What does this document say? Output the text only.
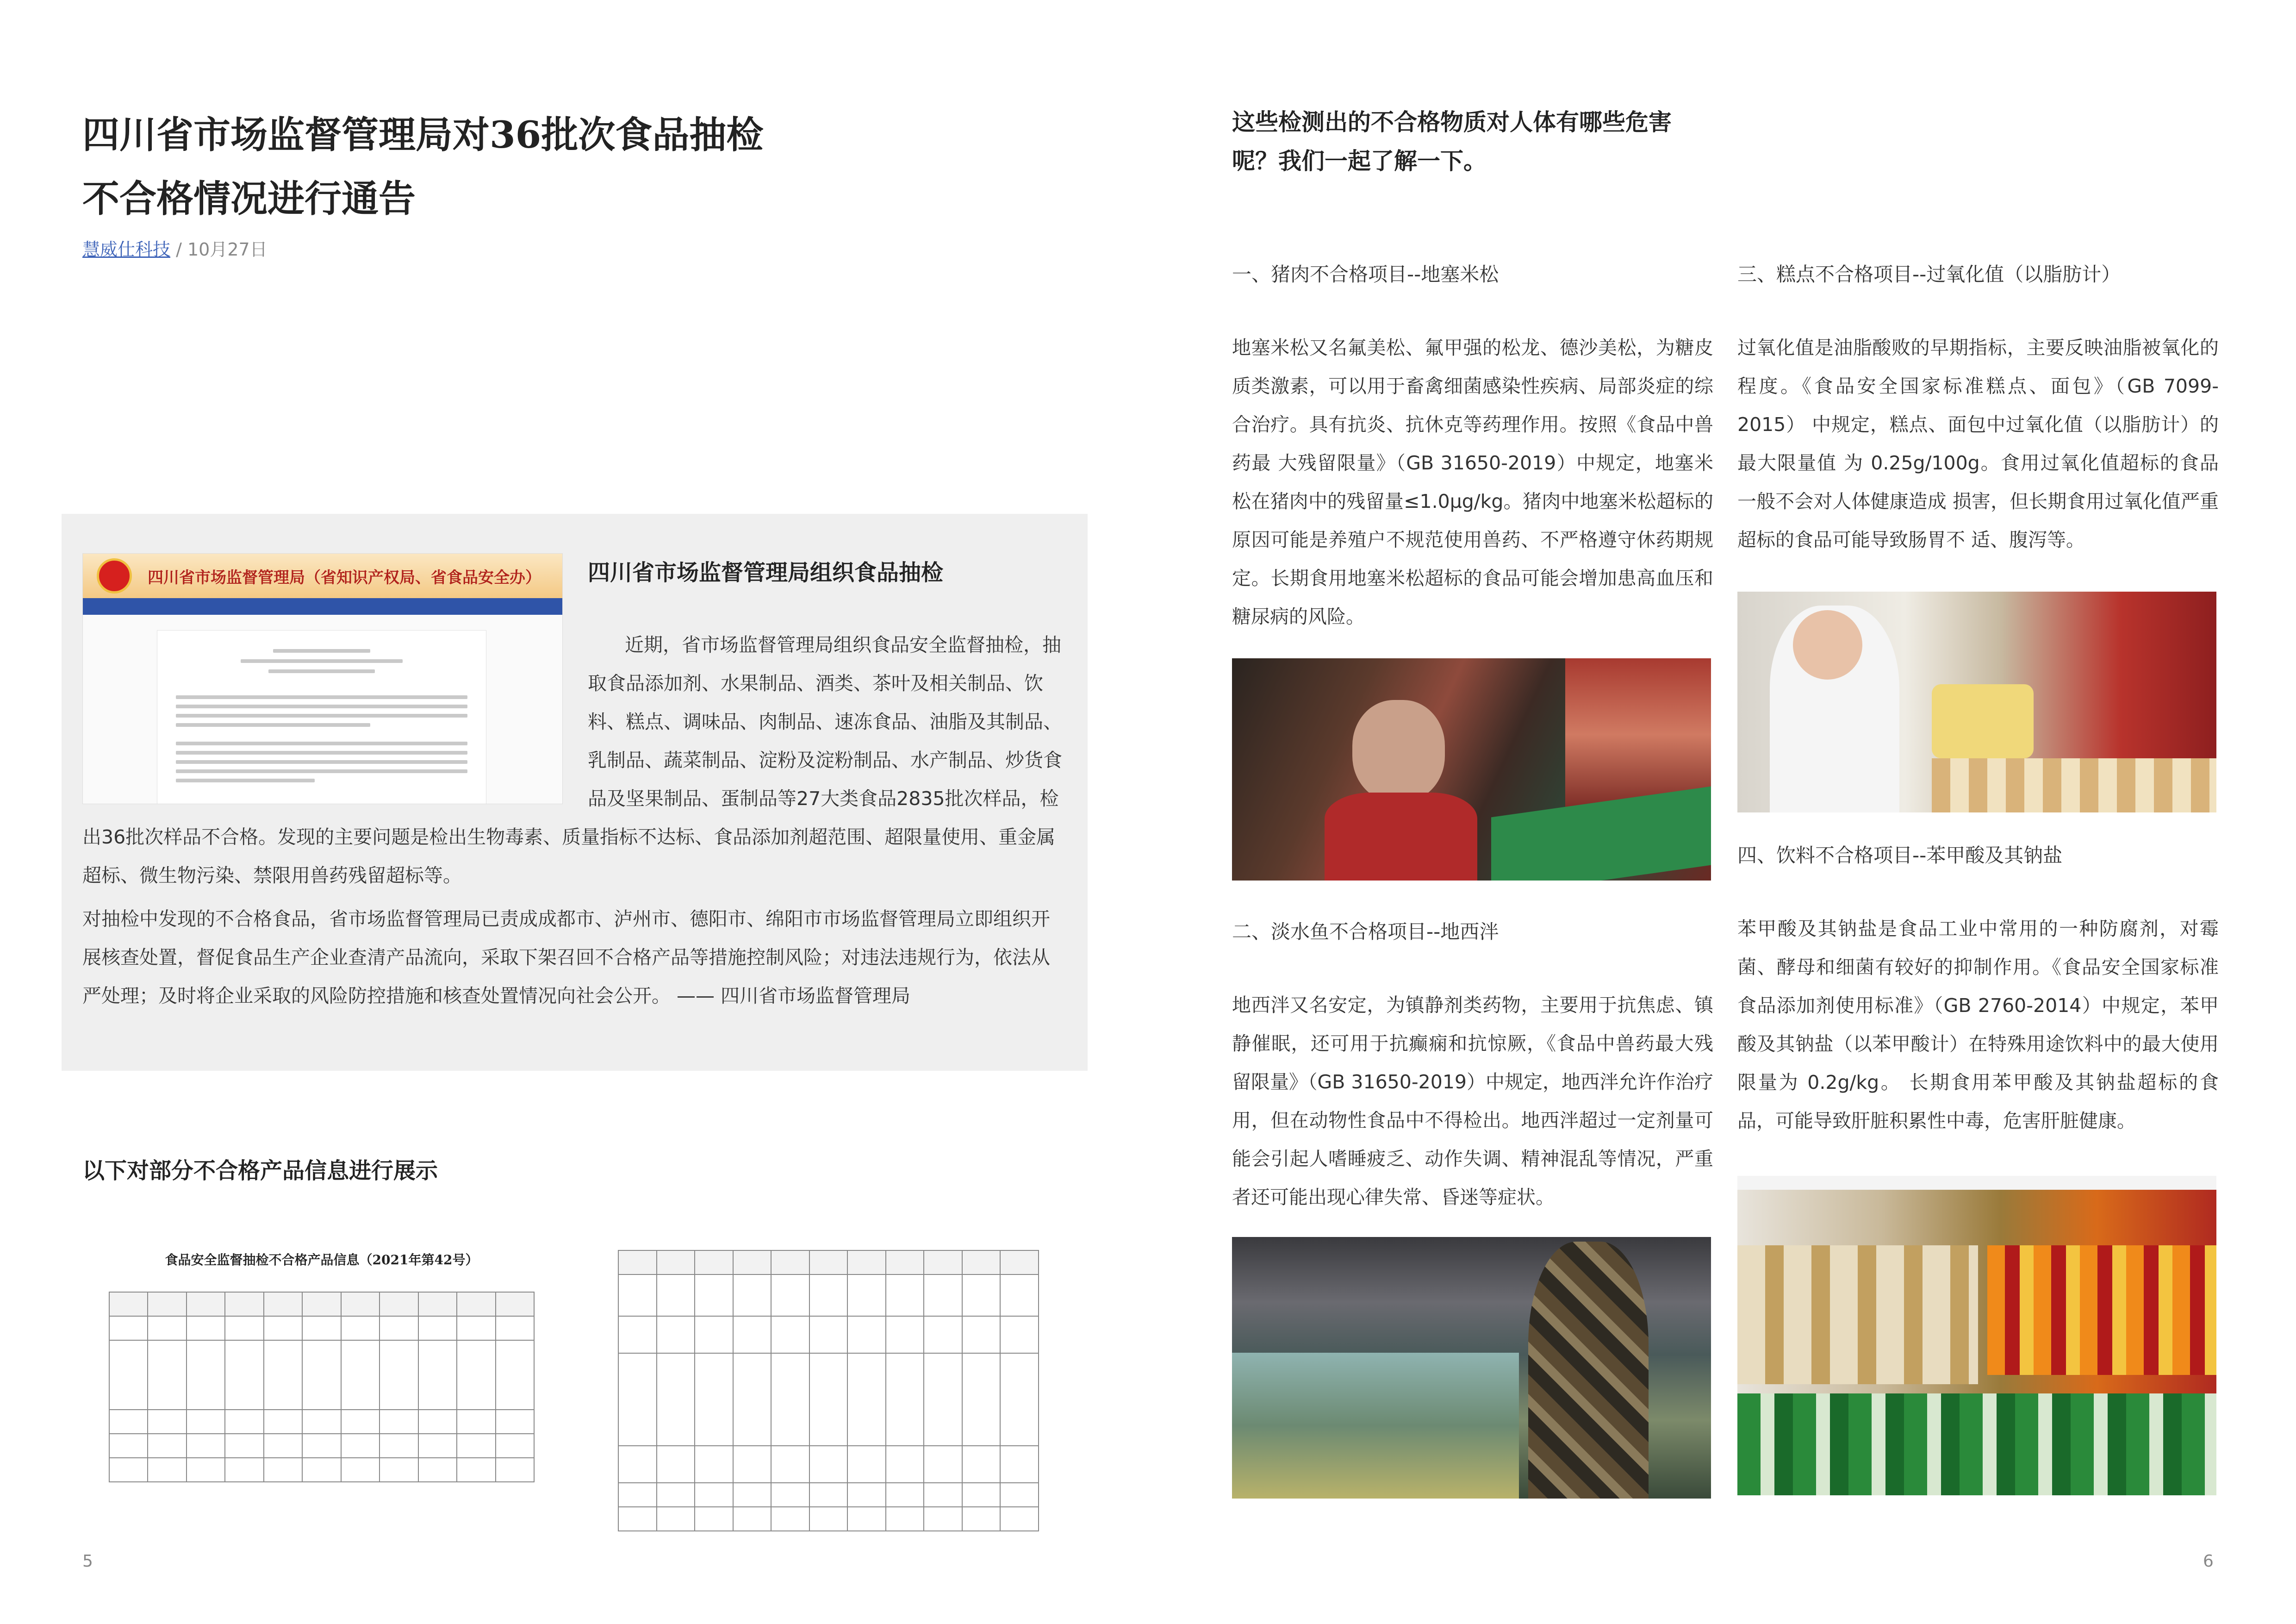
四川省市场监督管理局对36批次食品抽检
不合格情况进行通告
慧威仕科技 / 10月27日
四川省市场监督管理局（省知识产权局、省食品安全办）	四川省市场监督管理局组织食品抽检

近期，省市场监督管理局组织食品安全监督抽检，抽取食品添加剂、水果制品、酒类、茶叶及相关制品、饮料、糕点、调味品、肉制品、速冻食品、油脂及其制品、乳制品、蔬菜制品、淀粉及淀粉制品、水产制品、炒货食品及坚果制品、蛋制品等27大类食品2835批次样品，检出36批次样品不合格。发现的主要问题是检出生物毒素、质量指标不达标、食品添加剂超范围、超限量使用、重金属超标、微生物污染、禁限用兽药残留超标等。

对抽检中发现的不合格食品，省市场监督管理局已责成成都市、泸州市、德阳市、绵阳市市场监督管理局立即组织开展核查处置，督促食品生产企业查清产品流向，采取下架召回不合格产品等措施控制风险；对违法违规行为，依法从严处理；及时将企业采取的风险防控措施和核查处置情况向社会公开。 —— 四川省市场监督管理局

以下对部分不合格产品信息进行展示
食品安全监督抽检不合格产品信息（2021年第42号）

5
这些检测出的不合格物质对人体有哪些危害
呢？我们一起了解一下。
一、猪肉不合格项目--地塞米松

地塞米松又名氟美松、氟甲强的松龙、德沙美松，为糖皮质类激素，可以用于畜禽细菌感染性疾病、局部炎症的综合治疗。具有抗炎、抗休克等药理作用。按照《食品中兽药最 大残留限量》（GB 31650-2019）中规定，地塞米松在猪肉中的残留量≤1.0μg/kg。猪肉中地塞米松超标的原因可能是养殖户不规范使用兽药、不严格遵守休药期规定。长期食用地塞米松超标的食品可能会增加患高血压和糖尿病的风险。

二、淡水鱼不合格项目--地西泮

地西泮又名安定，为镇静剂类药物，主要用于抗焦虑、镇静催眠，还可用于抗癫痫和抗惊厥，《食品中兽药最大残 留限量》（GB 31650-2019）中规定，地西泮允许作治疗用，但在动物性食品中不得检出。地西泮超过一定剂量可能会引起人嗜睡疲乏、动作失调、精神混乱等情况，严重者还可能出现心律失常、昏迷等症状。

三、糕点不合格项目--过氧化值（以脂肪计）

过氧化值是油脂酸败的早期指标，主要反映油脂被氧化的程度。《食品安全国家标准糕点、面包》（GB 7099-2015） 中规定，糕点、面包中过氧化值（以脂肪计）的最大限量值 为 0.25g/100g。食用过氧化值超标的食品一般不会对人体健康造成 损害，但长期食用过氧化值严重超标的食品可能导致肠胃不 适、腹泻等。

四、饮料不合格项目--苯甲酸及其钠盐

苯甲酸及其钠盐是食品工业中常用的一种防腐剂，对霉菌、酵母和细菌有较好的抑制作用。《食品安全国家标准 食品添加剂使用标准》（GB 2760-2014）中规定，苯甲酸及其钠盐（以苯甲酸计）在特殊用途饮料中的最大使用限量为 0.2g/kg。 长期食用苯甲酸及其钠盐超标的食品，可能导致肝脏积累性中毒，危害肝脏健康。

6
